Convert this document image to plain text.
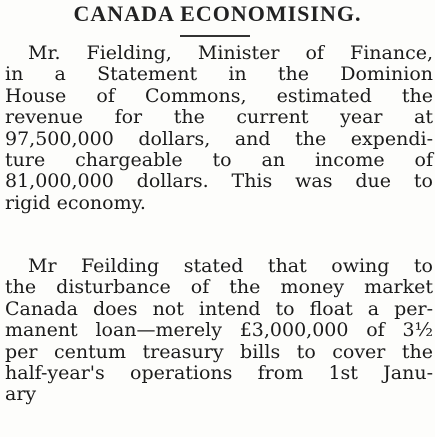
CANADA ECONOMISING.
Mr. Fielding, Minister of Finance,
in a Statement in the Dominion
House of Commons, estimated the
revenue for the current year at
97,500,000 dollars, and the expendi-
ture chargeable to an income of
81,000,000 dollars. This was due to
rigid economy.
Mr Feilding stated that owing to
the disturbance of the money market
Canada does not intend to float a per-
manent loan—merely £3,000,000 of 3½
per centum treasury bills to cover the
half-year's operations from 1st Janu-
ary
